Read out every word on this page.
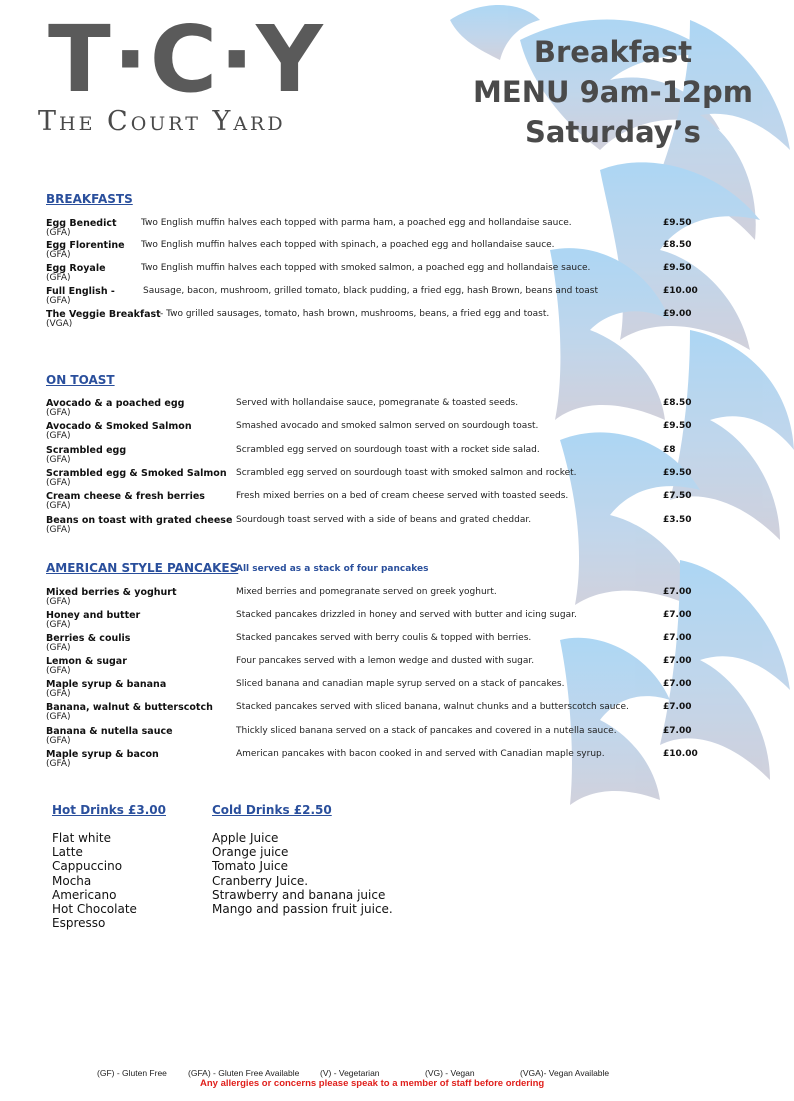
T·C·Y
The Court Yard
Breakfast
MENU 9am-12pm
Saturday’s
BREAKFASTS
Egg Benedict
(GFA)
Two English muffin halves each topped with parma ham, a poached egg and hollandaise sauce.	£9.50
Egg Florentine
(GFA)
Two English muffin halves each topped with spinach, a poached egg and hollandaise sauce.	£8.50
Egg Royale
(GFA)
Two English muffin halves each topped with smoked salmon, a poached egg and hollandaise sauce.	£9.50
Full English -
(GFA)
Sausage, bacon, mushroom, grilled tomato, black pudding, a fried egg, hash Brown, beans and toast	£10.00
The Veggie Breakfast
(VGA)
- Two grilled sausages, tomato, hash brown, mushrooms, beans, a fried egg and toast.	£9.00
ON TOAST
Avocado & a poached egg
(GFA)
Served with hollandaise sauce, pomegranate & toasted seeds.	£8.50
Avocado & Smoked Salmon
(GFA)
Smashed avocado and smoked salmon served on sourdough toast.	£9.50
Scrambled egg
(GFA)
Scrambled egg served on sourdough toast with a rocket side salad.	£8
Scrambled egg & Smoked Salmon
(GFA)
Scrambled egg served on sourdough toast with smoked salmon and rocket.	£9.50
Cream cheese & fresh berries
(GFA)
Fresh mixed berries on a bed of cream cheese served with toasted seeds.	£7.50
Beans on toast with grated cheese
(GFA)
Sourdough toast served with a side of beans and grated cheddar.	£3.50
AMERICAN STYLE PANCAKES
All served as a stack of four pancakes
Mixed berries & yoghurt
(GFA)
Mixed berries and pomegranate served on greek yoghurt.	£7.00
Honey and butter
(GFA)
Stacked pancakes drizzled in honey and served with butter and icing sugar.	£7.00
Berries & coulis
(GFA)
Stacked pancakes served with berry coulis & topped with berries.	£7.00
Lemon & sugar
(GFA)
Four pancakes served with a lemon wedge and dusted with sugar.	£7.00
Maple syrup & banana
(GFA)
Sliced banana and canadian maple syrup served on a stack of pancakes.	£7.00
Banana, walnut & butterscotch
(GFA)
Stacked pancakes served with sliced banana, walnut chunks and a butterscotch sauce.	£7.00
Banana & nutella sauce
(GFA)
Thickly sliced banana served on a stack of pancakes and covered in a nutella sauce.	£7.00
Maple syrup & bacon
(GFA)
American pancakes with bacon cooked in and served with Canadian maple syrup.	£10.00
Hot Drinks £3.00
Flat white
Latte
Cappuccino
Mocha
Americano
Hot Chocolate
Espresso
Cold Drinks £2.50
Apple Juice
Orange juice
Tomato Juice
Cranberry Juice.
Strawberry and banana juice
Mango and passion fruit juice.
(GF) - Gluten Free (GFA) - Gluten Free Available (V) - Vegetarian	(VG) - Vegan	(VGA)- Vegan Available
Any allergies or concerns please speak to a member of staff before ordering
